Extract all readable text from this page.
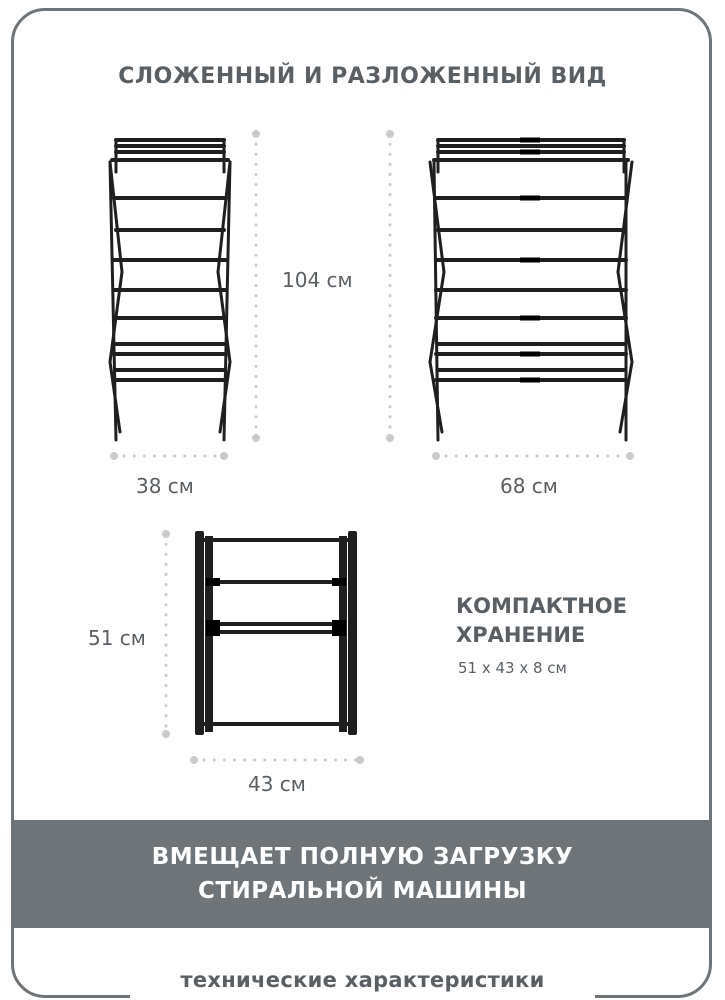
СЛОЖЕННЫЙ И РАЗЛОЖЕННЫЙ ВИД
104 см
38 см	68 см
51 см
43 см
КОМПАКТНОЕ
ХРАНЕНИЕ
51 х 43 х 8 см
ВМЕЩАЕТ ПОЛНУЮ ЗАГРУЗКУ
СТИРАЛЬНОЙ МАШИНЫ
технические характеристики
